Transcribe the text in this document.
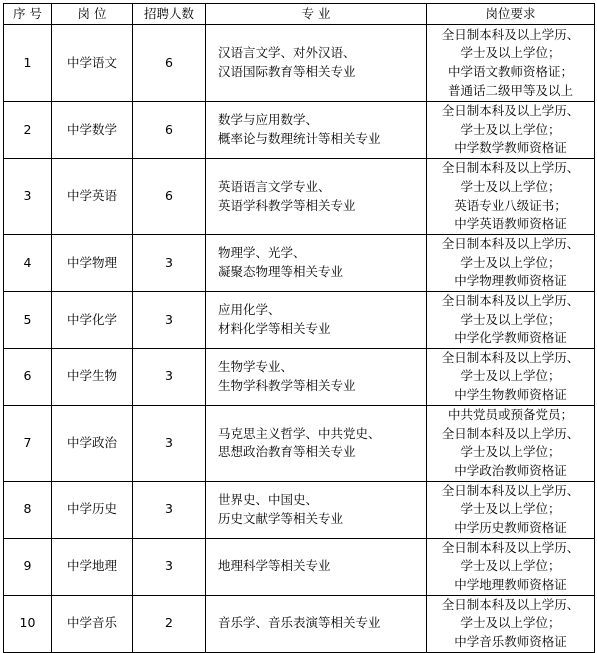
序 号	岗 位	招聘人数	专 业	岗位要求
1	中学语文	6	汉语言文学、对外汉语、
汉语国际教育等相关专业	全日制本科及以上学历、
学士及以上学位；
中学语文教师资格证；
普通话二级甲等及以上

2	中学数学	6	数学与应用数学、
概率论与数理统计等相关专业	全日制本科及以上学历、
学士及以上学位；
中学数学教师资格证

3	中学英语	6	英语语言文学专业、
英语学科教学等相关专业	全日制本科及以上学历、
学士及以上学位；
英语专业八级证书；
中学英语教师资格证

4	中学物理	3	物理学、光学、
凝聚态物理等相关专业	全日制本科及以上学历、
学士及以上学位；
中学物理教师资格证

5	中学化学	3	应用化学、
材料化学等相关专业	全日制本科及以上学历、
学士及以上学位；
中学化学教师资格证

6	中学生物	3	生物学专业、
生物学科教学等相关专业	全日制本科及以上学历、
学士及以上学位；
中学生物教师资格证

7	中学政治	3	马克思主义哲学、中共党史、
思想政治教育等相关专业	中共党员或预备党员；
全日制本科及以上学历、
学士及以上学位；
中学政治教师资格证

8	中学历史	3	世界史、中国史、
历史文献学等相关专业	全日制本科及以上学历、
学士及以上学位；
中学历史教师资格证

9	中学地理	3	地理科学等相关专业	全日制本科及以上学历、
学士及以上学位；
中学地理教师资格证

10	中学音乐	2	音乐学、音乐表演等相关专业	全日制本科及以上学历、
学士及以上学位；
中学音乐教师资格证
